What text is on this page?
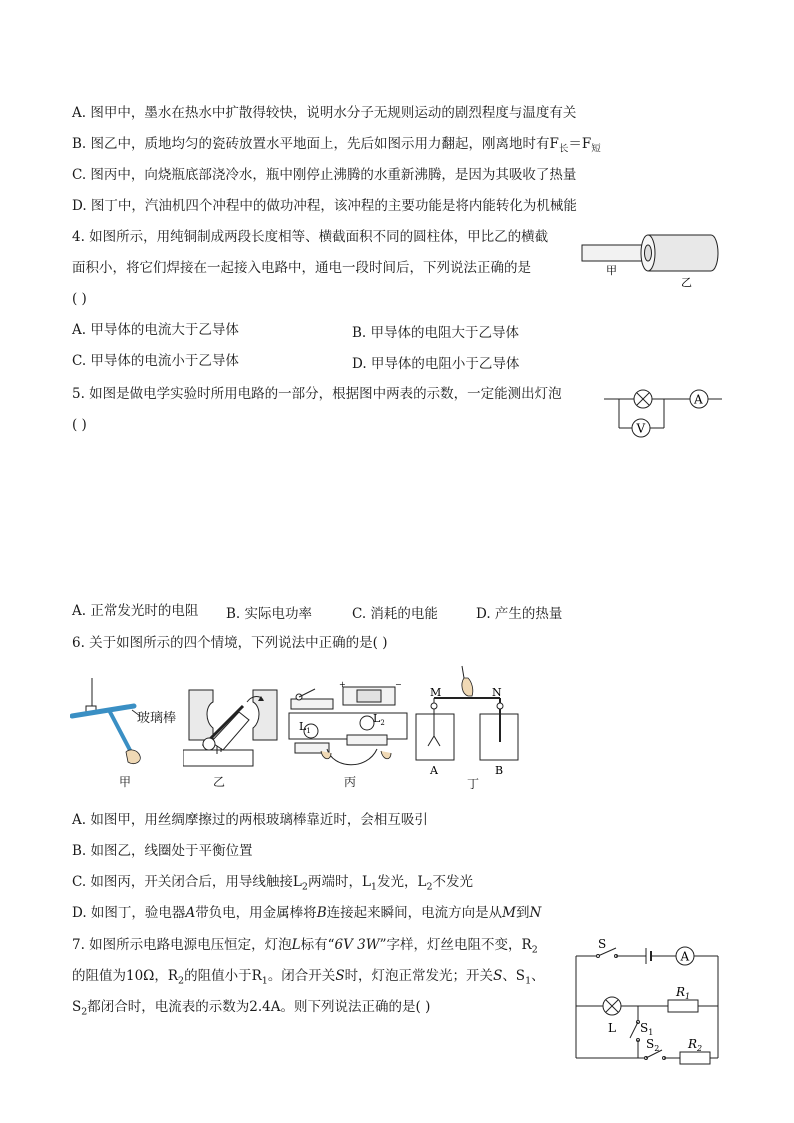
A. 图甲中，墨水在热水中扩散得较快，说明水分子无规则运动的剧烈程度与温度有关
B. 图乙中，质地均匀的瓷砖放置水平地面上，先后如图示用力翻起，刚离地时有$F_长=F_短$
C. 图丙中，向烧瓶底部浇冷水，瓶中刚停止沸腾的水重新沸腾，是因为其吸收了热量
D. 图丁中，汽油机四个冲程中的做功冲程，该冲程的主要功能是将内能转化为机械能
4. 如图所示，用纯铜制成两段长度相等、横截面积不同的圆柱体，甲比乙的横截
面积小，将它们焊接在一起接入电路中，通电一段时间后，下列说法正确的是
( )
A. 甲导体的电流大于乙导体	B. 甲导体的电阻大于乙导体
C. 甲导体的电流小于乙导体	D. 甲导体的电阻小于乙导体
甲
乙
5. 如图是做电学实验时所用电路的一部分，根据图中两表的示数，一定能测出灯泡
( )
A
V
A. 正常发光时的电阻 B. 实际电功率	C. 消耗的电能	D. 产生的热量
6. 关于如图所示的四个情境，下列说法中正确的是( )
玻璃棒
甲	乙
+	−
$L_1$
$L_2$
丙
M	N
A	B
丁
A. 如图甲，用丝绸摩擦过的两根玻璃棒靠近时，会相互吸引
B. 如图乙，线圈处于平衡位置
C. 如图丙，开关闭合后，用导线触接$L_2$两端时，$L_1$发光，$L_2$不发光
D. 如图丁，验电器A带负电，用金属棒将B连接起来瞬间，电流方向是从M到N
7. 如图所示电路电源电压恒定，灯泡L标有“6V 3W”字样，灯丝电阻不变，$R_2$
的阻值为10Ω，$R_2$的阻值小于$R_1$。闭合开关S时，灯泡正常发光；开关S、$S_1$、
$S_2$都闭合时，电流表的示数为2.4A。则下列说法正确的是( )
A
S
$R_1$
L $S_1$
$S_2$ $R_2$
